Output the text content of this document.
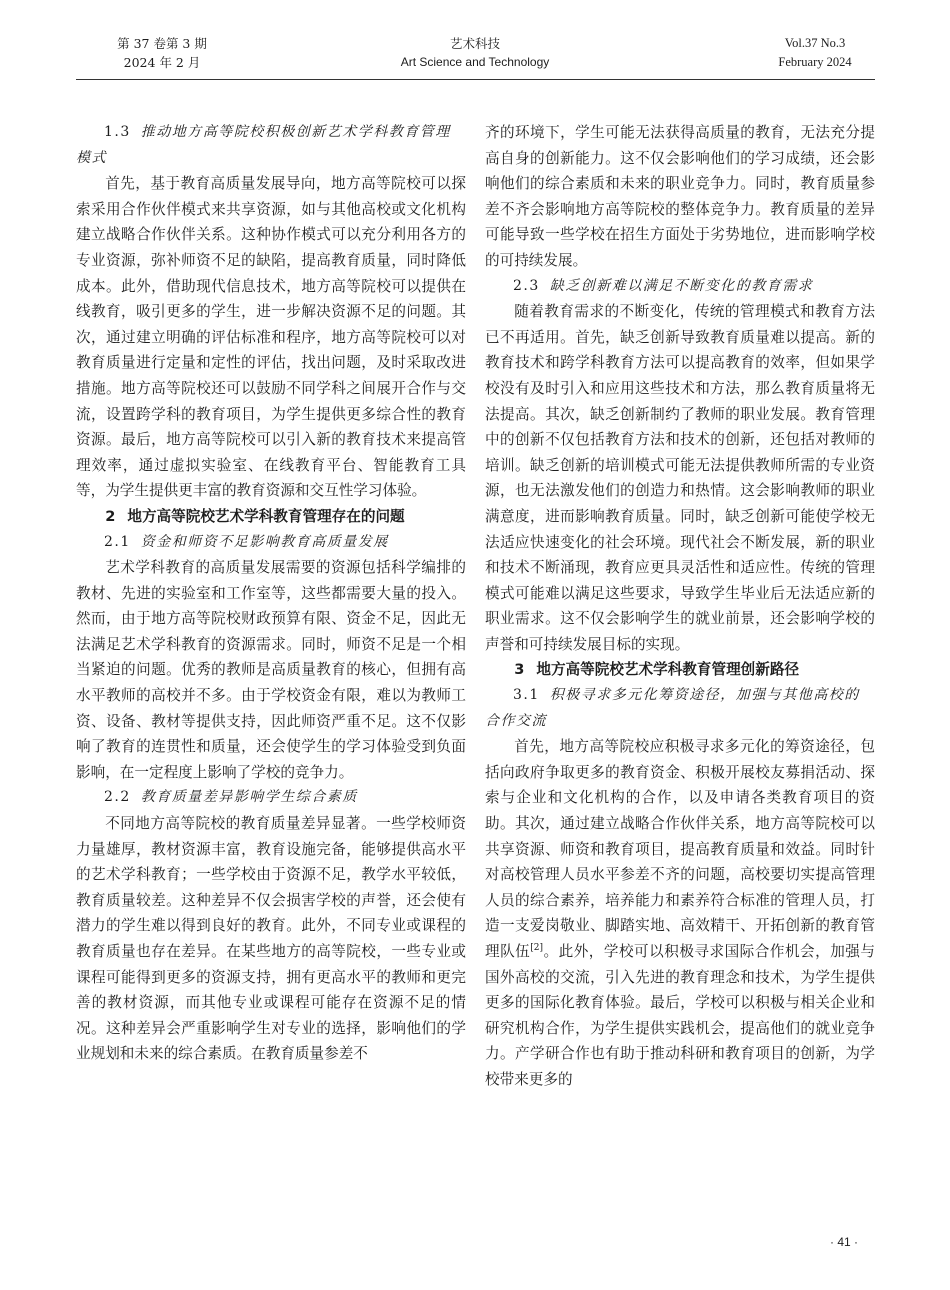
第 37 卷第 3 期
2024 年 2 月
艺术科技
Art Science and Technology
Vol.37 No.3
February 2024
1.3 推动地方高等院校积极创新艺术学科教育管理模式

首先，基于教育高质量发展导向，地方高等院校可以探索采用合作伙伴模式来共享资源，如与其他高校或文化机构建立战略合作伙伴关系。这种协作模式可以充分利用各方的专业资源，弥补师资不足的缺陷，提高教育质量，同时降低成本。此外，借助现代信息技术，地方高等院校可以提供在线教育，吸引更多的学生，进一步解决资源不足的问题。其次，通过建立明确的评估标准和程序，地方高等院校可以对教育质量进行定量和定性的评估，找出问题，及时采取改进措施。地方高等院校还可以鼓励不同学科之间展开合作与交流，设置跨学科的教育项目，为学生提供更多综合性的教育资源。最后，地方高等院校可以引入新的教育技术来提高管理效率，通过虚拟实验室、在线教育平台、智能教育工具等，为学生提供更丰富的教育资源和交互性学习体验。

2 地方高等院校艺术学科教育管理存在的问题
2.1 资金和师资不足影响教育高质量发展

艺术学科教育的高质量发展需要的资源包括科学编排的教材、先进的实验室和工作室等，这些都需要大量的投入。然而，由于地方高等院校财政预算有限、资金不足，因此无法满足艺术学科教育的资源需求。同时，师资不足是一个相当紧迫的问题。优秀的教师是高质量教育的核心，但拥有高水平教师的高校并不多。由于学校资金有限，难以为教师工资、设备、教材等提供支持，因此师资严重不足。这不仅影响了教育的连贯性和质量，还会使学生的学习体验受到负面影响，在一定程度上影响了学校的竞争力。

2.2 教育质量差异影响学生综合素质

不同地方高等院校的教育质量差异显著。一些学校师资力量雄厚，教材资源丰富，教育设施完备，能够提供高水平的艺术学科教育；一些学校由于资源不足，教学水平较低，教育质量较差。这种差异不仅会损害学校的声誉，还会使有潜力的学生难以得到良好的教育。此外，不同专业或课程的教育质量也存在差异。在某些地方的高等院校，一些专业或课程可能得到更多的资源支持，拥有更高水平的教师和更完善的教材资源，而其他专业或课程可能存在资源不足的情况。这种差异会严重影响学生对专业的选择，影响他们的学业规划和未来的综合素质。在教育质量参差不

齐的环境下，学生可能无法获得高质量的教育，无法充分提高自身的创新能力。这不仅会影响他们的学习成绩，还会影响他们的综合素质和未来的职业竞争力。同时，教育质量参差不齐会影响地方高等院校的整体竞争力。教育质量的差异可能导致一些学校在招生方面处于劣势地位，进而影响学校的可持续发展。

2.3 缺乏创新难以满足不断变化的教育需求

随着教育需求的不断变化，传统的管理模式和教育方法已不再适用。首先，缺乏创新导致教育质量难以提高。新的教育技术和跨学科教育方法可以提高教育的效率，但如果学校没有及时引入和应用这些技术和方法，那么教育质量将无法提高。其次，缺乏创新制约了教师的职业发展。教育管理中的创新不仅包括教育方法和技术的创新，还包括对教师的培训。缺乏创新的培训模式可能无法提供教师所需的专业资源，也无法激发他们的创造力和热情。这会影响教师的职业满意度，进而影响教育质量。同时，缺乏创新可能使学校无法适应快速变化的社会环境。现代社会不断发展，新的职业和技术不断涌现，教育应更具灵活性和适应性。传统的管理模式可能难以满足这些要求，导致学生毕业后无法适应新的职业需求。这不仅会影响学生的就业前景，还会影响学校的声誉和可持续发展目标的实现。

3 地方高等院校艺术学科教育管理创新路径
3.1 积极寻求多元化筹资途径，加强与其他高校的合作交流

首先，地方高等院校应积极寻求多元化的筹资途径，包括向政府争取更多的教育资金、积极开展校友募捐活动、探索与企业和文化机构的合作，以及申请各类教育项目的资助。其次，通过建立战略合作伙伴关系，地方高等院校可以共享资源、师资和教育项目，提高教育质量和效益。同时针对高校管理人员水平参差不齐的问题，高校要切实提高管理人员的综合素养，培养能力和素养符合标准的管理人员，打造一支爱岗敬业、脚踏实地、高效精干、开拓创新的教育管理队伍[2]。此外，学校可以积极寻求国际合作机会，加强与国外高校的交流，引入先进的教育理念和技术，为学生提供更多的国际化教育体验。最后，学校可以积极与相关企业和研究机构合作，为学生提供实践机会，提高他们的就业竞争力。产学研合作也有助于推动科研和教育项目的创新，为学校带来更多的

· 41 ·
